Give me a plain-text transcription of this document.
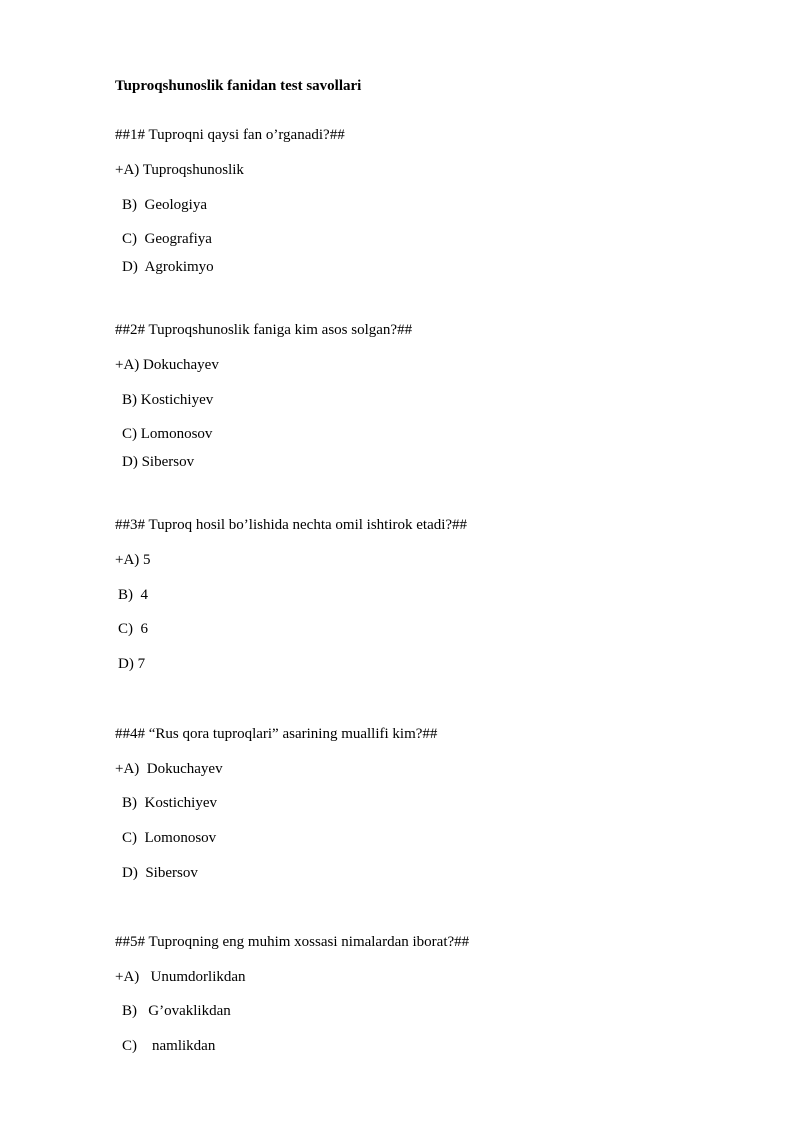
Tuproqshunoslik fanidan test savollari
##1# Tuproqni qaysi fan o’rganadi?##
+A) Tuproqshunoslik
B)  Geologiya
C)  Geografiya
D)  Agrokimyo
##2# Tuproqshunoslik faniga kim asos solgan?##
+A) Dokuchayev
B) Kostichiyev
C) Lomonosov
D) Sibersov
##3# Tuproq hosil bo’lishida nechta omil ishtirok etadi?##
+A) 5
B)  4
C)  6
D) 7
##4# “Rus qora tuproqlari” asarining muallifi kim?##
+A)  Dokuchayev
B)  Kostichiyev
C)  Lomonosov
D)  Sibersov
##5# Tuproqning eng muhim xossasi nimalardan iborat?##
+A)   Unumdorlikdan
B)   G’ovaklikdan
C)    namlikdan
